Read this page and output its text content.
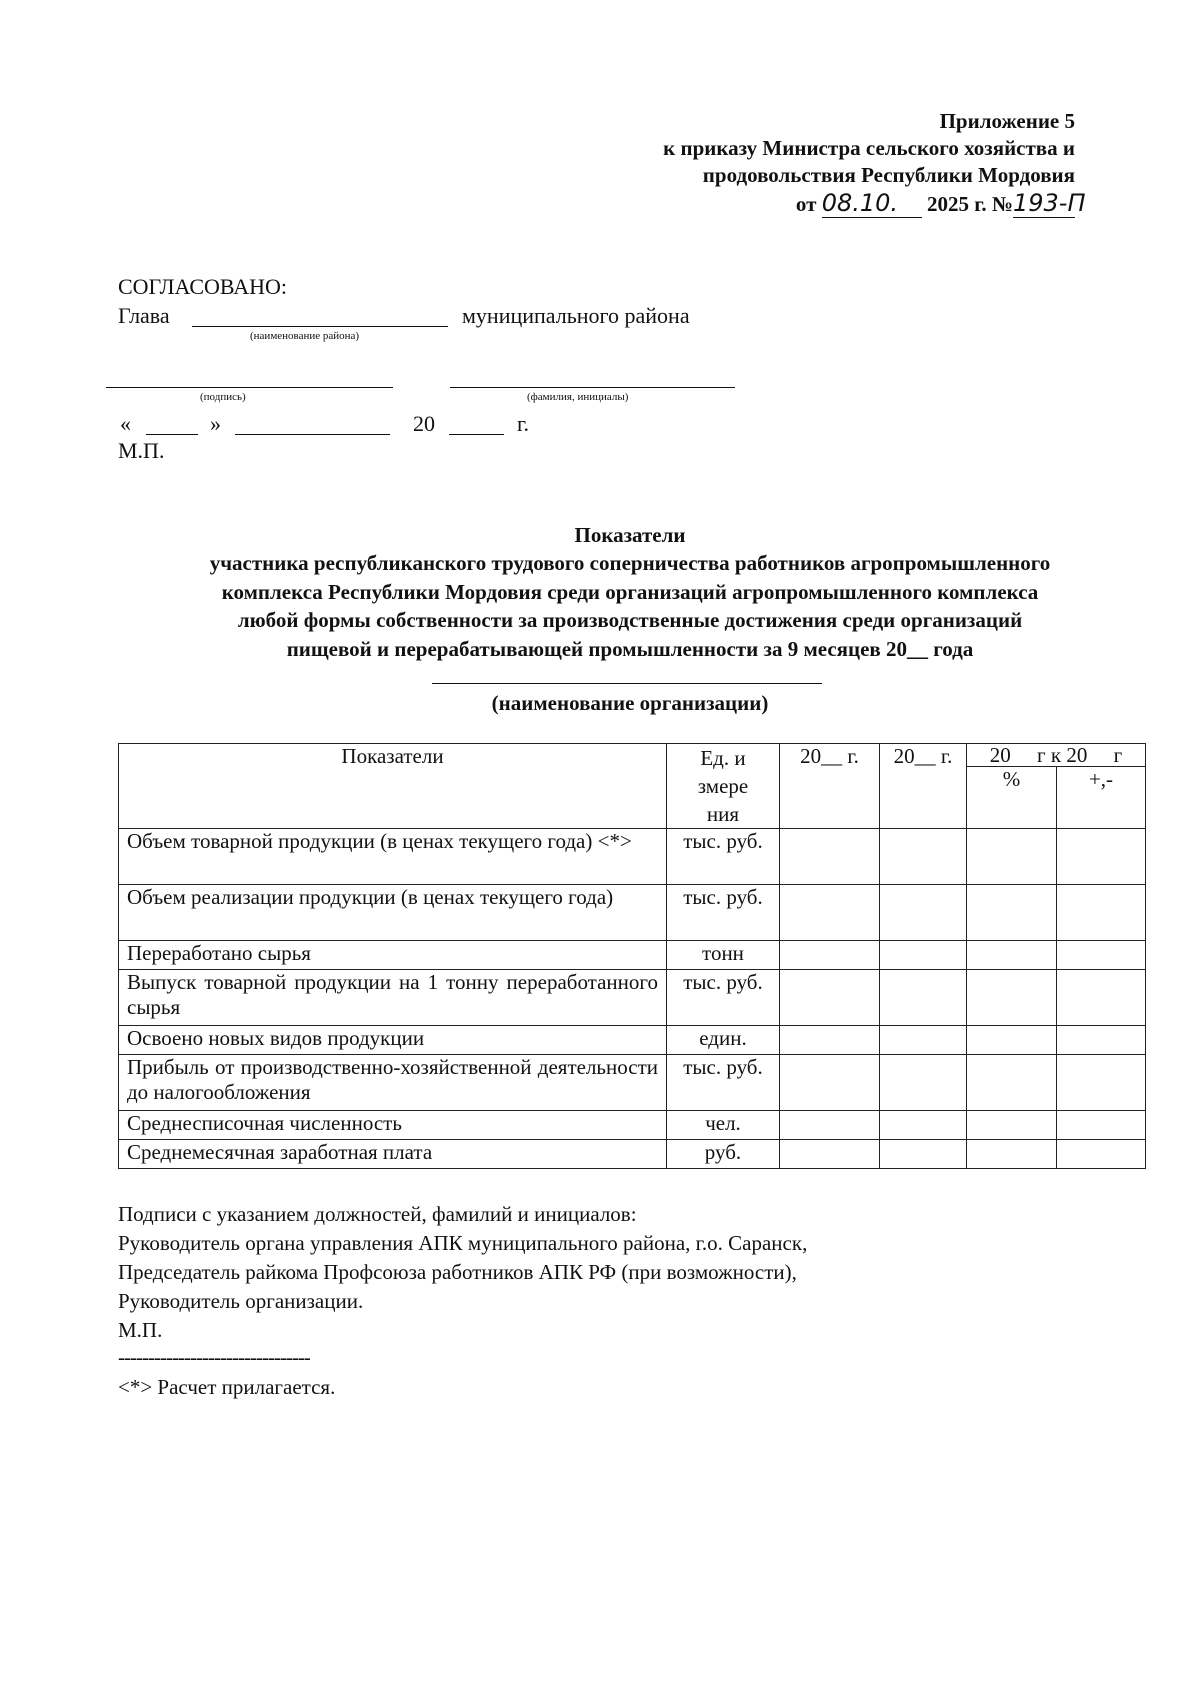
Приложение 5
к приказу Министра сельского хозяйства и
продовольствия Республики Мордовия
от 08.10. 2025 г. №193-П
СОГЛАСОВАНО:
Глава	муниципального района
(наименование района)
(подпись)	(фамилия, инициалы)
«	»	20	г.
М.П.
Показатели
участника республиканского трудового соперничества работников агропромышленного
комплекса Республики Мордовия среди организаций агропромышленного комплекса
любой формы собственности за производственные достижения среди организаций
пищевой и перерабатывающей промышленности за 9 месяцев 20__ года
(наименование организации)
Показатели	Ед. измерения	20__ г.	20__ г.	20     г к 20     г	
				%	+,-
Объем товарной продукции (в ценах текущего года) <*>	тыс. руб.				
Объем реализации продукции (в ценах текущего года)	тыс. руб.				
Переработано сырья	тонн				
Выпуск товарной продукции на 1 тонну переработанного сырья	тыс. руб.				
Освоено новых видов продукции	един.				
Прибыль от производственно-хозяйственной деятельности до налогообложения	тыс. руб.				
Среднесписочная численность	чел.				
Среднемесячная заработная плата	руб.				
Подписи с указанием должностей, фамилий и инициалов:
Руководитель органа управления АПК муниципального района, г.о. Саранск,
Председатель райкома Профсоюза работников АПК РФ (при возможности),
Руководитель организации.
М.П.
--------------------------------
<*> Расчет прилагается.
